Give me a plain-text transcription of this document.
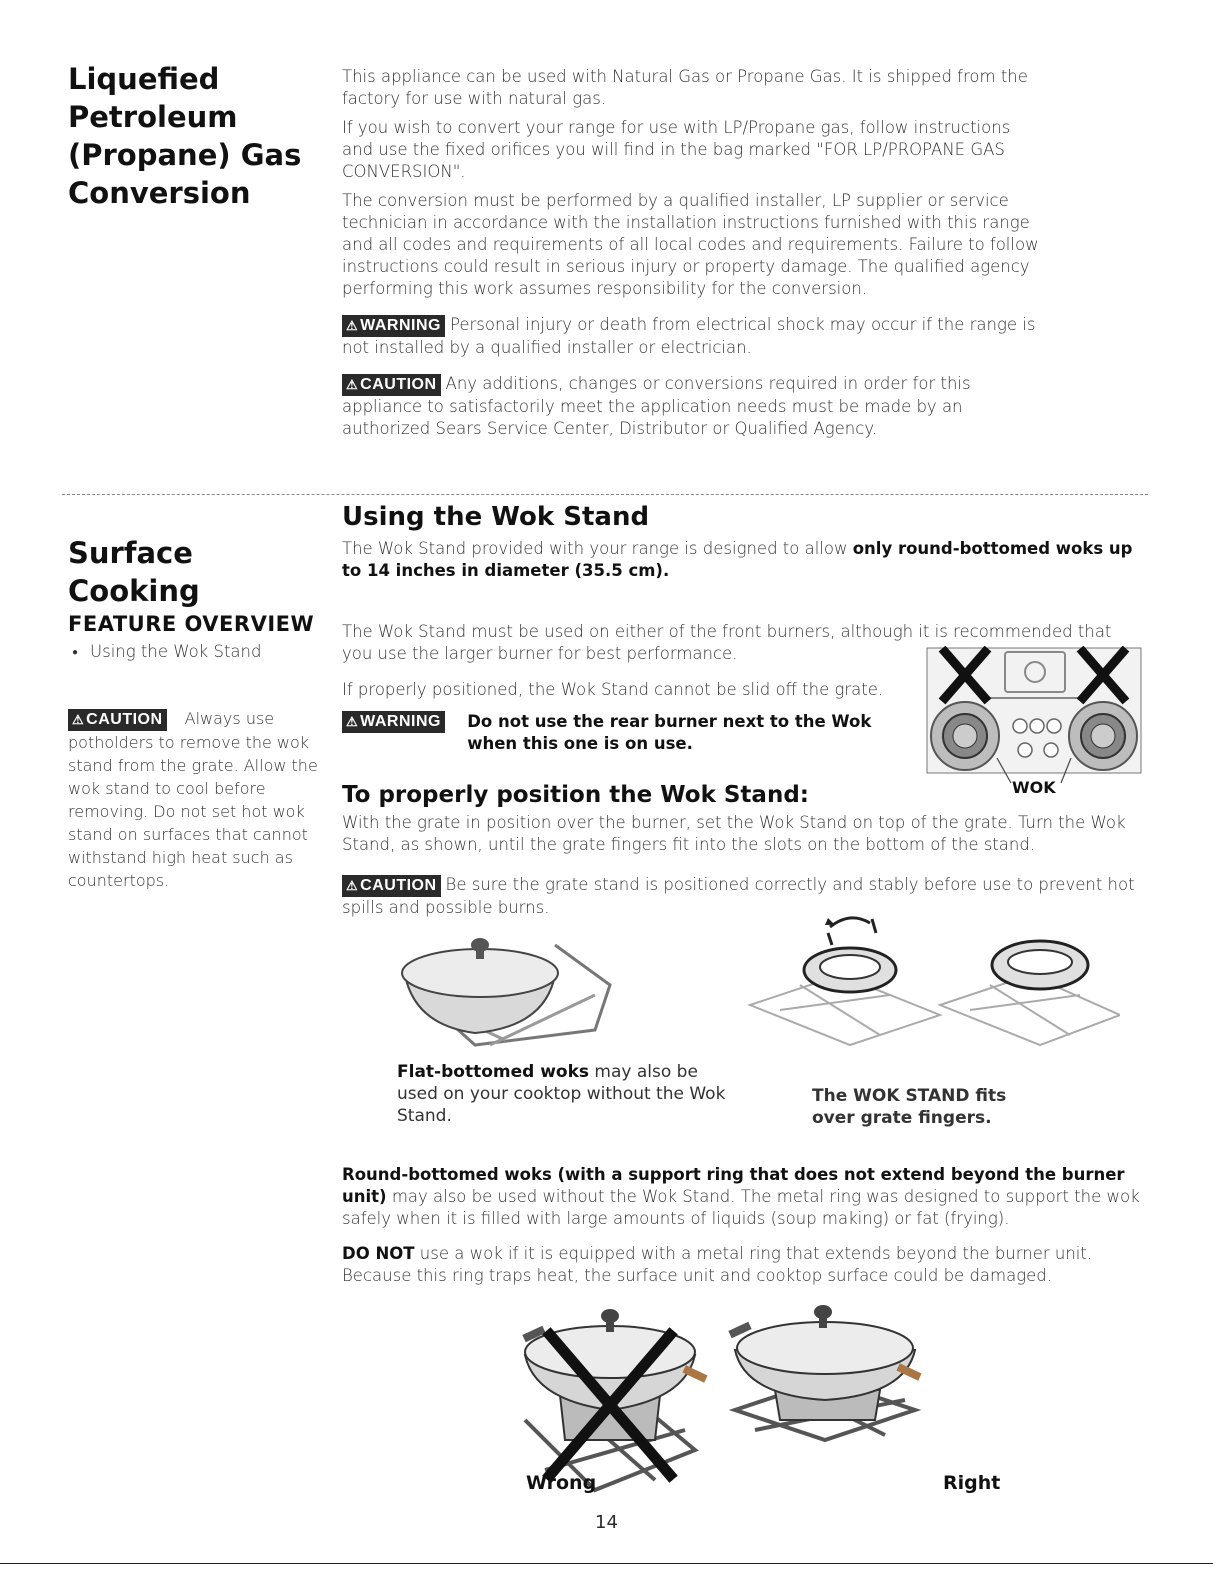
Liquefied
Petroleum
(Propane) Gas
Conversion

This appliance can be used with Natural Gas or Propane Gas. It is shipped from the factory for use with natural gas.

If you wish to convert your range for use with LP/Propane gas, follow instructions and use the fixed orifices you will find in the bag marked "FOR LP/PROPANE GAS CONVERSION".

The conversion must be performed by a qualified installer, LP supplier or service technician in accordance with the installation instructions furnished with this range and all codes and requirements of all local codes and requirements. Failure to follow instructions could result in serious injury or property damage. The qualified agency performing this work assumes responsibility for the conversion.

⚠ WARNING Personal injury or death from electrical shock may occur if the range is not installed by a qualified installer or electrician.

⚠ CAUTION Any additions, changes or conversions required in order for this appliance to satisfactorily meet the application needs must be made by an authorized Sears Service Center, Distributor or Qualified Agency.

Surface
Cooking
FEATURE OVERVIEW
● Using the Wok Stand
⚠ CAUTION Always use potholders to remove the wok stand from the grate. Allow the wok stand to cool before removing. Do not set hot wok stand on surfaces that cannot withstand high heat such as countertops.
Using the Wok Stand
The Wok Stand provided with your range is designed to allow only round-bottomed woks up to 14 inches in diameter (35.5 cm).
The Wok Stand must be used on either of the front burners, although it is recommended that you use the larger burner for best performance.
If properly positioned, the Wok Stand cannot be slid off the grate.
⚠ WARNING Do not use the rear burner next to the Wok when this one is on use.
WOK
To properly position the Wok Stand:
With the grate in position over the burner, set the Wok Stand on top of the grate. Turn the Wok Stand, as shown, until the grate fingers fit into the slots on the bottom of the stand.
⚠ CAUTION Be sure the grate stand is positioned correctly and stably before use to prevent hot spills and possible burns.
Flat-bottomed woks may also be used on your cooktop without the Wok Stand.
The WOK STAND fits over grate fingers.
Round-bottomed woks (with a support ring that does not extend beyond the burner unit) may also be used without the Wok Stand. The metal ring was designed to support the wok safely when it is filled with large amounts of liquids (soup making) or fat (frying).
DO NOT use a wok if it is equipped with a metal ring that extends beyond the burner unit. Because this ring traps heat, the surface unit and cooktop surface could be damaged.
Wrong	Right
14
